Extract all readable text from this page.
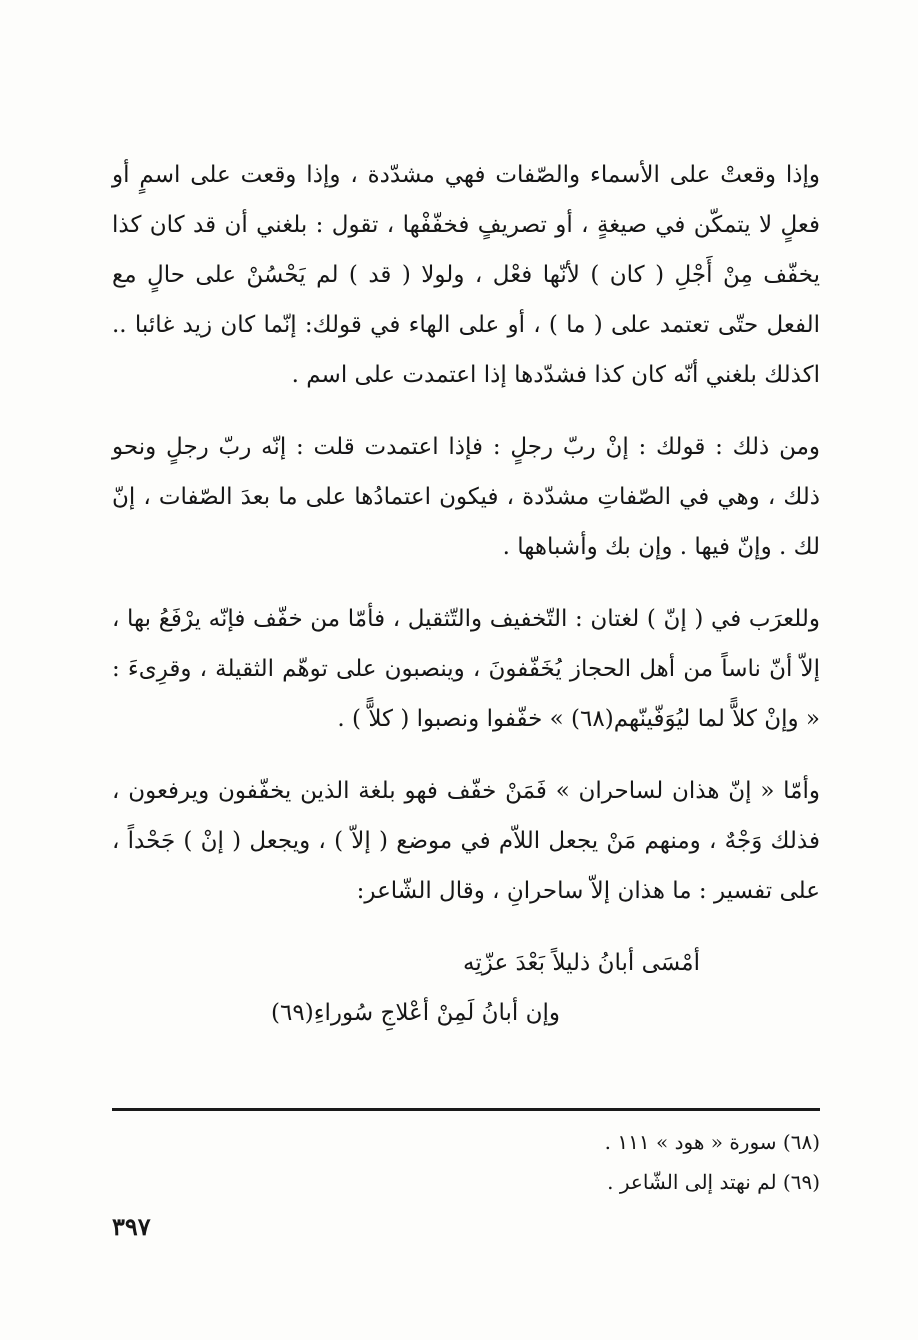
وإذا وقعتْ على الأسماء والصّفات فهي مشدّدة ، وإذا وقعت على اسمٍ أو فعلٍ لا يتمكّن في صيغةٍ ، أو تصريفٍ فخفّفْها ، تقول : بلغني أن قد كان كذا يخفّف مِنْ أَجْلِ ( كان ) لأنّها فعْل ، ولولا ( قد ) لم يَحْسُنْ على حالٍ مع الفعل حتّى تعتمد على ( ما ) ، أو على الهاء في قولك: إنّما كان زيد غائبا .. اكذلك بلغني أنّه كان كذا فشدّدها إذا اعتمدت على اسم .

ومن ذلك : قولك : إنْ ربّ رجلٍ : فإذا اعتمدت قلت : إنّه ربّ رجلٍ ونحو ذلك ، وهي في الصّفاتِ مشدّدة ، فيكون اعتمادُها على ما بعدَ الصّفات ، إنّ لك . وإنّ فيها . وإن بك وأشباهها .

وللعرَب في ( إنّ ) لغتان : التّخفيف والتّثقيل ، فأمّا من خفّف فإنّه يرْفَعُ بها ، إلاّ أنّ ناساً من أهل الحجاز يُخَفّفونَ ، وينصبون على توهّم الثقيلة ، وقرِىءَ : « وإنْ كلاًّ لما ليُوَفّينّهم(٦٨) » خفّفوا ونصبوا ( كلاًّ ) .

وأمّا « إنّ هذان لساحران » فَمَنْ خفّف فهو بلغة الذين يخفّفون ويرفعون ، فذلك وَجْهٌ ، ومنهم مَنْ يجعل اللاّم في موضع ( إلاّ ) ، ويجعل ( إنْ ) جَحْداً ، على تفسير : ما هذان إلاّ ساحرانِ ، وقال الشّاعر:

أمْسَى أبانُ ذليلاً بَعْدَ عزّتِه

وإن أبانُ لَمِنْ أعْلاجِ سُوراءِ(٦٩)

(٦٨) سورة « هود » ١١١ .

(٦٩) لم نهتد إلى الشّاعر .

٣٩٧
